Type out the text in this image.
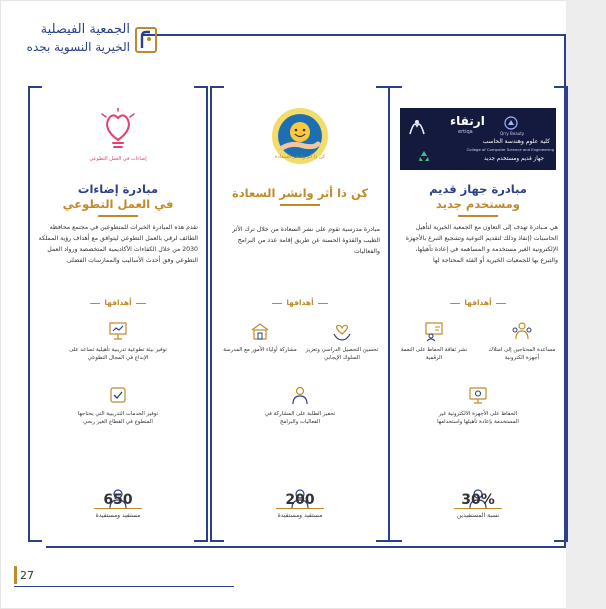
الجمعية الفيصلية
الخيرية النسوية بجده
ارتقاء
ertiqa	Qrry Beauty
كلية علوم وهندسة الحاسب
College of Computer Science and Engineering
جهاز قديم ومستخدم جديد
مبادرة جهاز قديم
ومستخدم جديد
هي مـبادرة تهدف إلى التعاون مع الجمعية الخيرية لتأهيل الحاسبات (إنقاذ وذلك لتقديم التوعية وتشجيع التبرع بالأجهزة الإلكترونية الغير مستخدمة و المساهمة في إعادة تأهيلها، والتبرع بها للجمعيات الخيرية أو الفئة المحتاجة لها
أهدافها
مساعدة المحتاجين إلى امتلاك أجهزة الكترونية
نشر ثقافة الحفاظ على النعمة الرقمية
الحفاظ على الأجهزة الالكترونية غير المستخدمة بإعادة تأهيلها واستخدامها
30%
نسبة المستفيدين
كن ذا أثر وانشر السعادة
كن ذا أثر وانشر السعادة
مبادرة مدرسية تقوم على نشر السعادة من خلال ترك الأثر الطيب والقدوة الحسنة عن طريق إقامة عدد من البرامج والفعاليات
أهدافها
تحسين التحصيل الدراسي وتعزيز السلوك الإيجابي
مشاركة أولياء الأمور مع المدرسة
تحفيز الطلبة على المشاركة في الفعاليات والبرامج
200
مستفيد ومستفيدة
إضاءات في العمل التطوعي
مبادرة إضاءات
في العمل التطوعي
تقدم هذه المبادرة الخبرات للمتطوعين في مجتمع محافظة الطائف لرقي بالعمل التطوعي ليتوافق مع أهداف رؤية المملكة 2030 من خلال الكفاءات الأكاديمية المتخصصة ورواد العمل التطوعي وفق أحدث الأساليب والممارسات الفضلى
أهدافها
توفير بيئة تطوعية تدريبية تأهيلية تساعد على الإبداع في المجال التطوعي
توفير الخدمات التدريبية التي يحتاجها المتطوع في القطاع الغير ربحي
650
مستفيد ومستفيدة
27
